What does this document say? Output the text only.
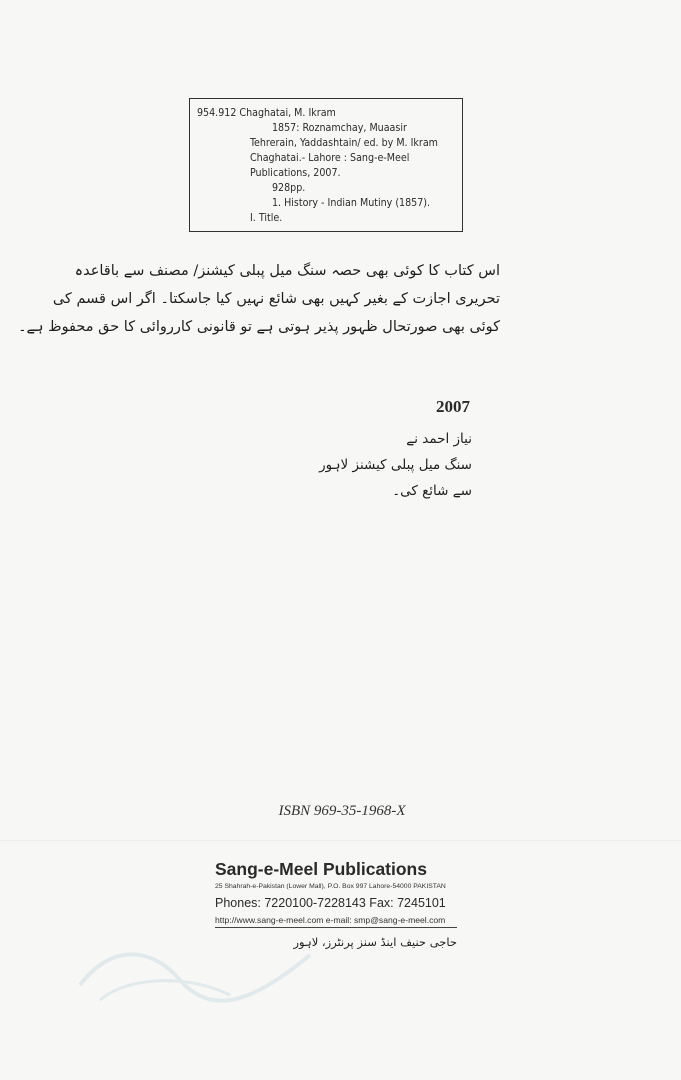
954.912 Chaghatai, M. Ikram
1857: Roznamchay, Muaasir
Tehrerain, Yaddashtain/ ed. by M. Ikram
Chaghatai.- Lahore : Sang-e-Meel
Publications, 2007.
928pp.
1. History - Indian Mutiny (1857).
I. Title.
اس کتاب کا کوئی بھی حصہ سنگ میل پبلی کیشنز/ مصنف سے باقاعدہ
تحریری اجازت کے بغیر کہیں بھی شائع نہیں کیا جاسکتا۔ اگر اس قسم کی
کوئی بھی صورتحال ظہور پذیر ہوتی ہے تو قانونی کارروائی کا حق محفوظ ہے۔
2007
نیاز احمد نے
سنگ میل پبلی کیشنز لاہور
سے شائع کی۔
ISBN 969-35-1968-X
Sang-e-Meel Publications
25 Shahrah-e-Pakistan (Lower Mall), P.O. Box 997 Lahore-54000 PAKISTAN
Phones: 7220100-7228143 Fax: 7245101
http://www.sang-e-meel.com e-mail: smp@sang-e-meel.com
حاجی حنیف اینڈ سنز پرنٹرز، لاہور
